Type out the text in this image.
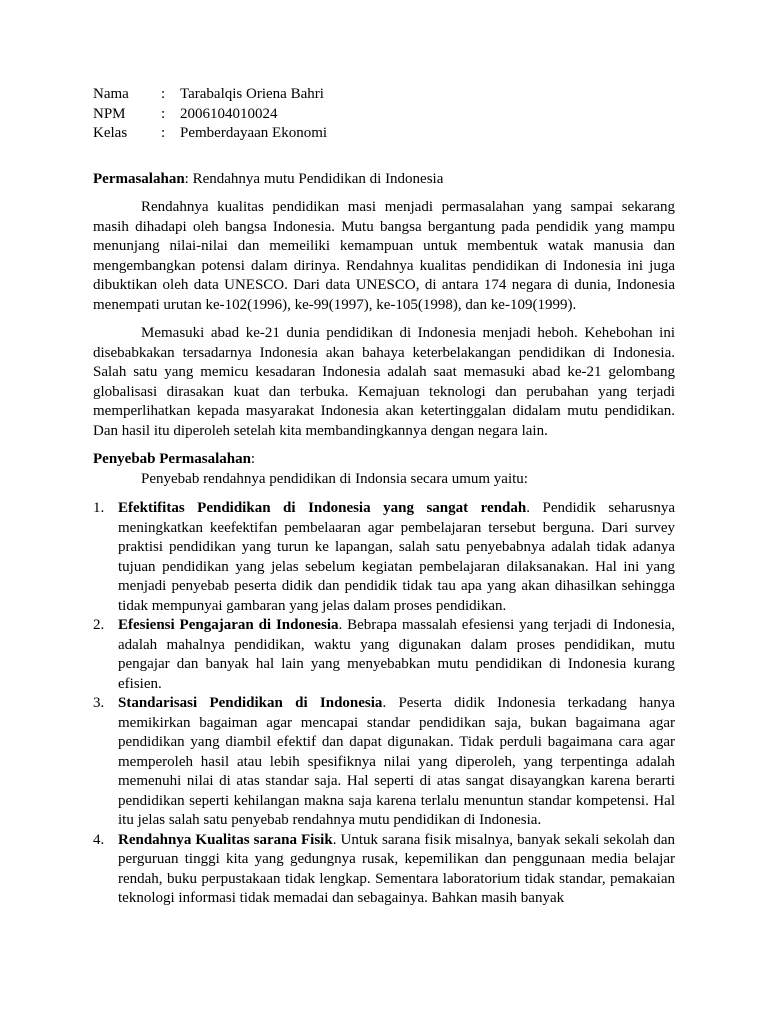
Nama	: Tarabalqis Oriena Bahri
NPM	: 2006104010024
Kelas	: Pemberdayaan Ekonomi
Permasalahan: Rendahnya mutu Pendidikan di Indonesia

Rendahnya kualitas pendidikan masi menjadi permasalahan yang sampai sekarang masih dihadapi oleh bangsa Indonesia. Mutu bangsa bergantung pada pendidik yang mampu menunjang nilai-nilai dan memeiliki kemampuan untuk membentuk watak manusia dan mengembangkan potensi dalam dirinya. Rendahnya kualitas pendidikan di Indonesia ini juga dibuktikan oleh data UNESCO. Dari data UNESCO, di antara 174 negara di dunia, Indonesia menempati urutan ke-102(1996), ke-99(1997), ke-105(1998), dan ke-109(1999).

Memasuki abad ke-21 dunia pendidikan di Indonesia menjadi heboh. Kehebohan ini disebabkakan tersadarnya Indonesia akan bahaya keterbelakangan pendidikan di Indonesia. Salah satu yang memicu kesadaran Indonesia adalah saat memasuki abad ke-21 gelombang globalisasi dirasakan kuat dan terbuka. Kemajuan teknologi dan perubahan yang terjadi memperlihatkan kepada masyarakat Indonesia akan ketertinggalan didalam mutu pendidikan. Dan hasil itu diperoleh setelah kita membandingkannya dengan negara lain.

Penyebab Permasalahan:
Penyebab rendahnya pendidikan di Indonsia secara umum yaitu:
1. Efektifitas Pendidikan di Indonesia yang sangat rendah. Pendidik seharusnya meningkatkan keefektifan pembelaaran agar pembelajaran tersebut berguna. Dari survey praktisi pendidikan yang turun ke lapangan, salah satu penyebabnya adalah tidak adanya tujuan pendidikan yang jelas sebelum kegiatan pembelajaran dilaksanakan. Hal ini yang menjadi penyebab peserta didik dan pendidik tidak tau apa yang akan dihasilkan sehingga tidak mempunyai gambaran yang jelas dalam proses pendidikan.
2. Efesiensi Pengajaran di Indonesia. Bebrapa massalah efesiensi yang terjadi di Indonesia, adalah mahalnya pendidikan, waktu yang digunakan dalam proses pendidikan, mutu pengajar dan banyak hal lain yang menyebabkan mutu pendidikan di Indonesia kurang efisien.
3. Standarisasi Pendidikan di Indonesia. Peserta didik Indonesia terkadang hanya memikirkan bagaiman agar mencapai standar pendidikan saja, bukan bagaimana agar pendidikan yang diambil efektif dan dapat digunakan. Tidak perduli bagaimana cara agar memperoleh hasil atau lebih spesifiknya nilai yang diperoleh, yang terpentinga adalah memenuhi nilai di atas standar saja. Hal seperti di atas sangat disayangkan karena berarti pendidikan seperti kehilangan makna saja karena terlalu menuntun standar kompetensi. Hal itu jelas salah satu penyebab rendahnya mutu pendidikan di Indonesia.
4. Rendahnya Kualitas sarana Fisik. Untuk sarana fisik misalnya, banyak sekali sekolah dan perguruan tinggi kita yang gedungnya rusak, kepemilikan dan penggunaan media belajar rendah, buku perpustakaan tidak lengkap. Sementara laboratorium tidak standar, pemakaian teknologi informasi tidak memadai dan sebagainya. Bahkan masih banyak
